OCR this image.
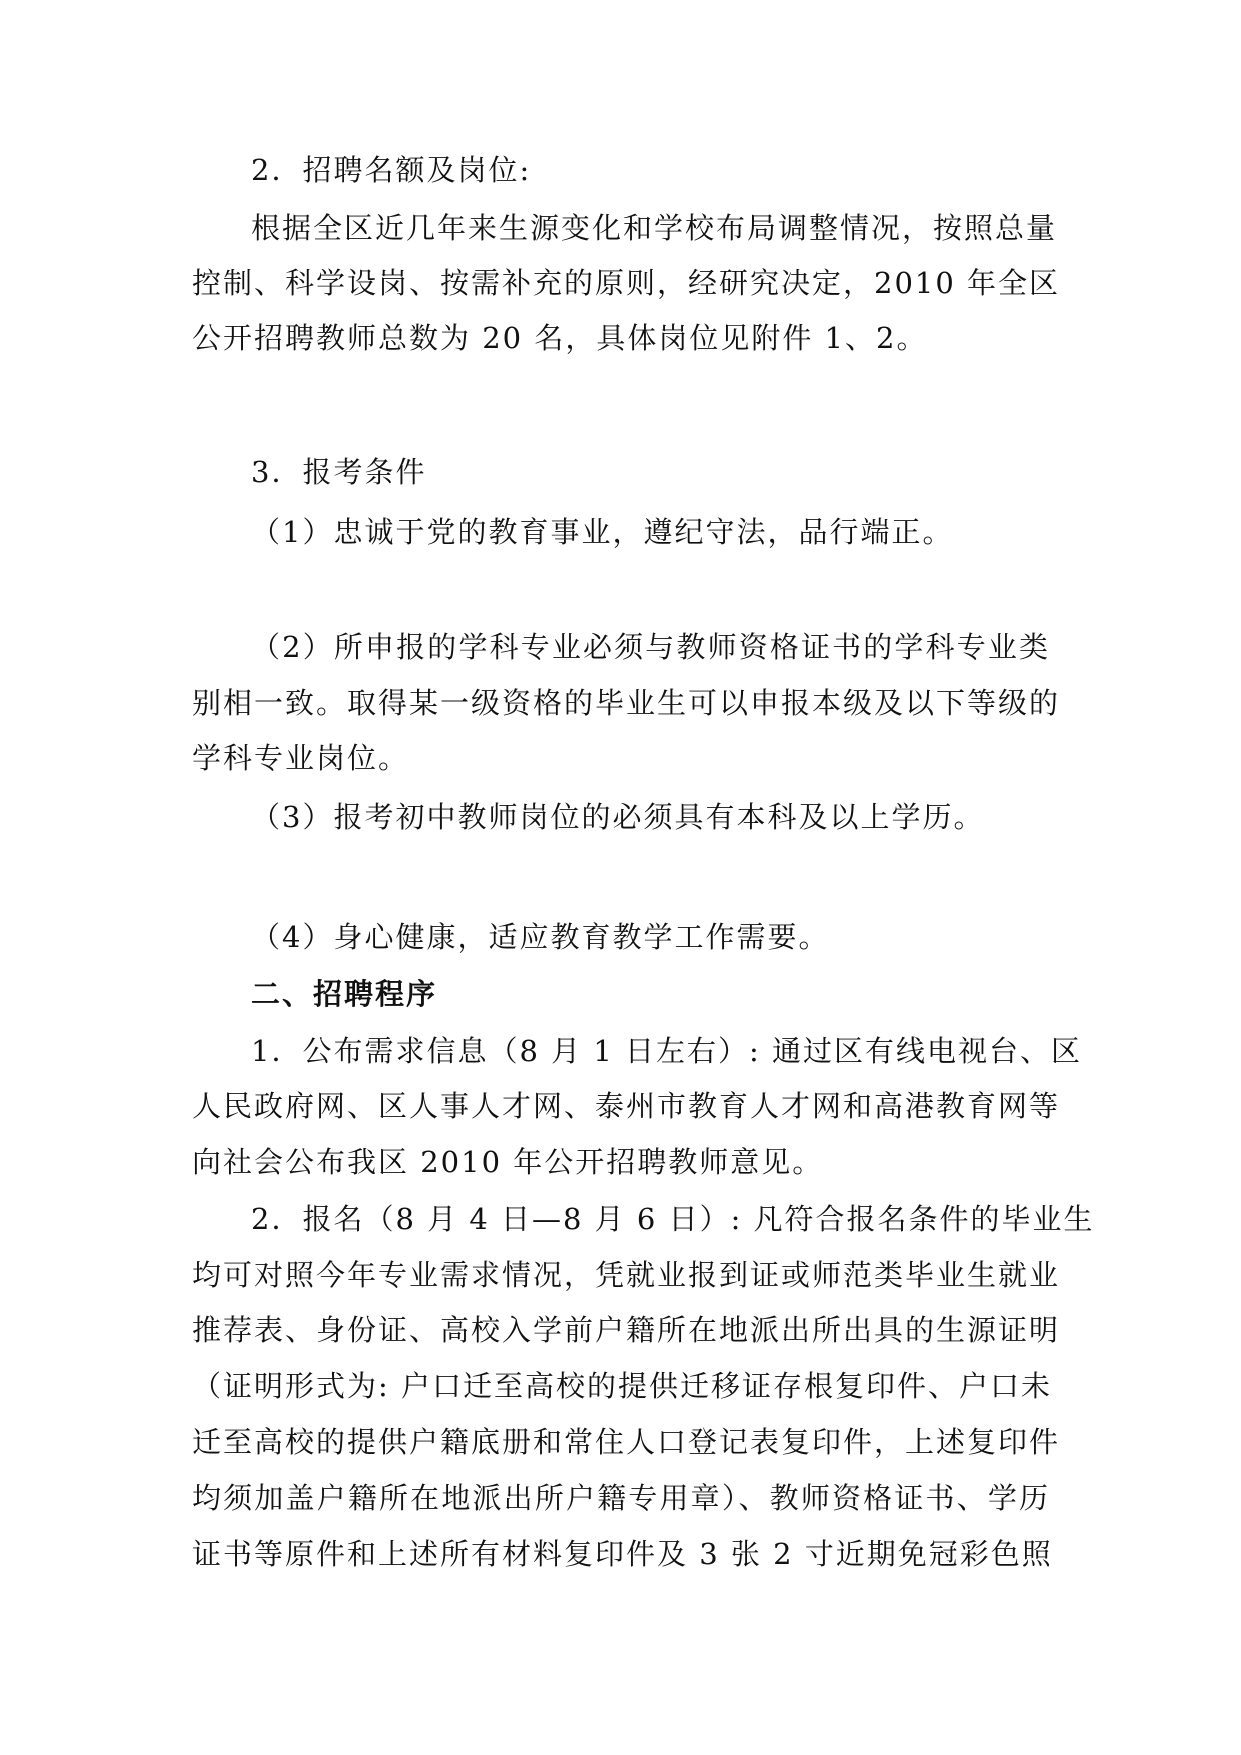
2．招聘名额及岗位:
根据全区近几年来生源变化和学校布局调整情况，按照总量
控制、科学设岗、按需补充的原则，经研究决定，2010 年全区
公开招聘教师总数为 20 名，具体岗位见附件 1、2。
3．报考条件
（1）忠诚于党的教育事业，遵纪守法，品行端正。
（2）所申报的学科专业必须与教师资格证书的学科专业类
别相一致。取得某一级资格的毕业生可以申报本级及以下等级的
学科专业岗位。
（3）报考初中教师岗位的必须具有本科及以上学历。
（4）身心健康，适应教育教学工作需要。
二、招聘程序
1．公布需求信息（8 月 1 日左右）: 通过区有线电视台、区
人民政府网、区人事人才网、泰州市教育人才网和高港教育网等
向社会公布我区 2010 年公开招聘教师意见。
2．报名（8 月 4 日—8 月 6 日）: 凡符合报名条件的毕业生
均可对照今年专业需求情况，凭就业报到证或师范类毕业生就业
推荐表、身份证、高校入学前户籍所在地派出所出具的生源证明
（证明形式为: 户口迁至高校的提供迁移证存根复印件、户口未
迁至高校的提供户籍底册和常住人口登记表复印件，上述复印件
均须加盖户籍所在地派出所户籍专用章）、教师资格证书、学历
证书等原件和上述所有材料复印件及 3 张 2 寸近期免冠彩色照
